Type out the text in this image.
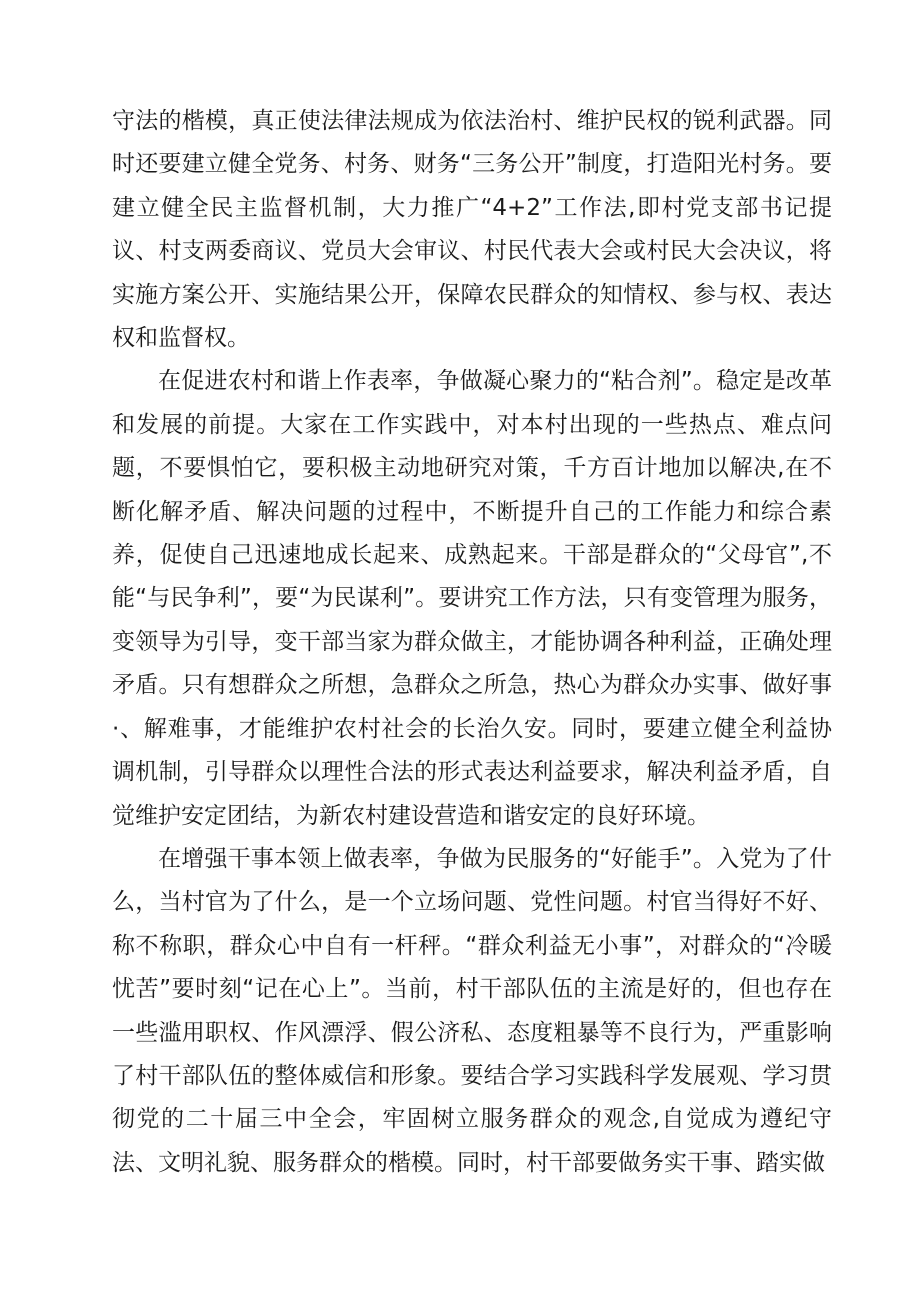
守法的楷模，真正使法律法规成为依法治村、维护民权的锐利武器。同时还要建立健全党务、村务、财务“三务公开”制度，打造阳光村务。要建立健全民主监督机制，大力推广“4+2”工作法,即村党支部书记提议、村支两委商议、党员大会审议、村民代表大会或村民大会决议，将实施方案公开、实施结果公开，保障农民群众的知情权、参与权、表达权和监督权。

在促进农村和谐上作表率，争做凝心聚力的“粘合剂”。稳定是改革和发展的前提。大家在工作实践中，对本村出现的一些热点、难点问题，不要惧怕它，要积极主动地研究对策，千方百计地加以解决,在不断化解矛盾、解决问题的过程中，不断提升自己的工作能力和综合素养，促使自己迅速地成长起来、成熟起来。干部是群众的“父母官”,不能“与民争利”，要“为民谋利”。要讲究工作方法，只有变管理为服务，变领导为引导，变干部当家为群众做主，才能协调各种利益，正确处理矛盾。只有想群众之所想，急群众之所急，热心为群众办实事、做好事·、解难事，才能维护农村社会的长治久安。同时，要建立健全利益协调机制，引导群众以理性合法的形式表达利益要求，解决利益矛盾，自觉维护安定团结，为新农村建设营造和谐安定的良好环境。

在增强干事本领上做表率，争做为民服务的“好能手”。入党为了什么，当村官为了什么，是一个立场问题、党性问题。村官当得好不好、称不称职，群众心中自有一杆秤。“群众利益无小事”，对群众的“冷暖忧苦”要时刻“记在心上”。当前，村干部队伍的主流是好的，但也存在一些滥用职权、作风漂浮、假公济私、态度粗暴等不良行为，严重影响了村干部队伍的整体威信和形象。要结合学习实践科学发展观、学习贯彻党的二十届三中全会，牢固树立服务群众的观念,自觉成为遵纪守法、文明礼貌、服务群众的楷模。同时，村干部要做务实干事、踏实做
